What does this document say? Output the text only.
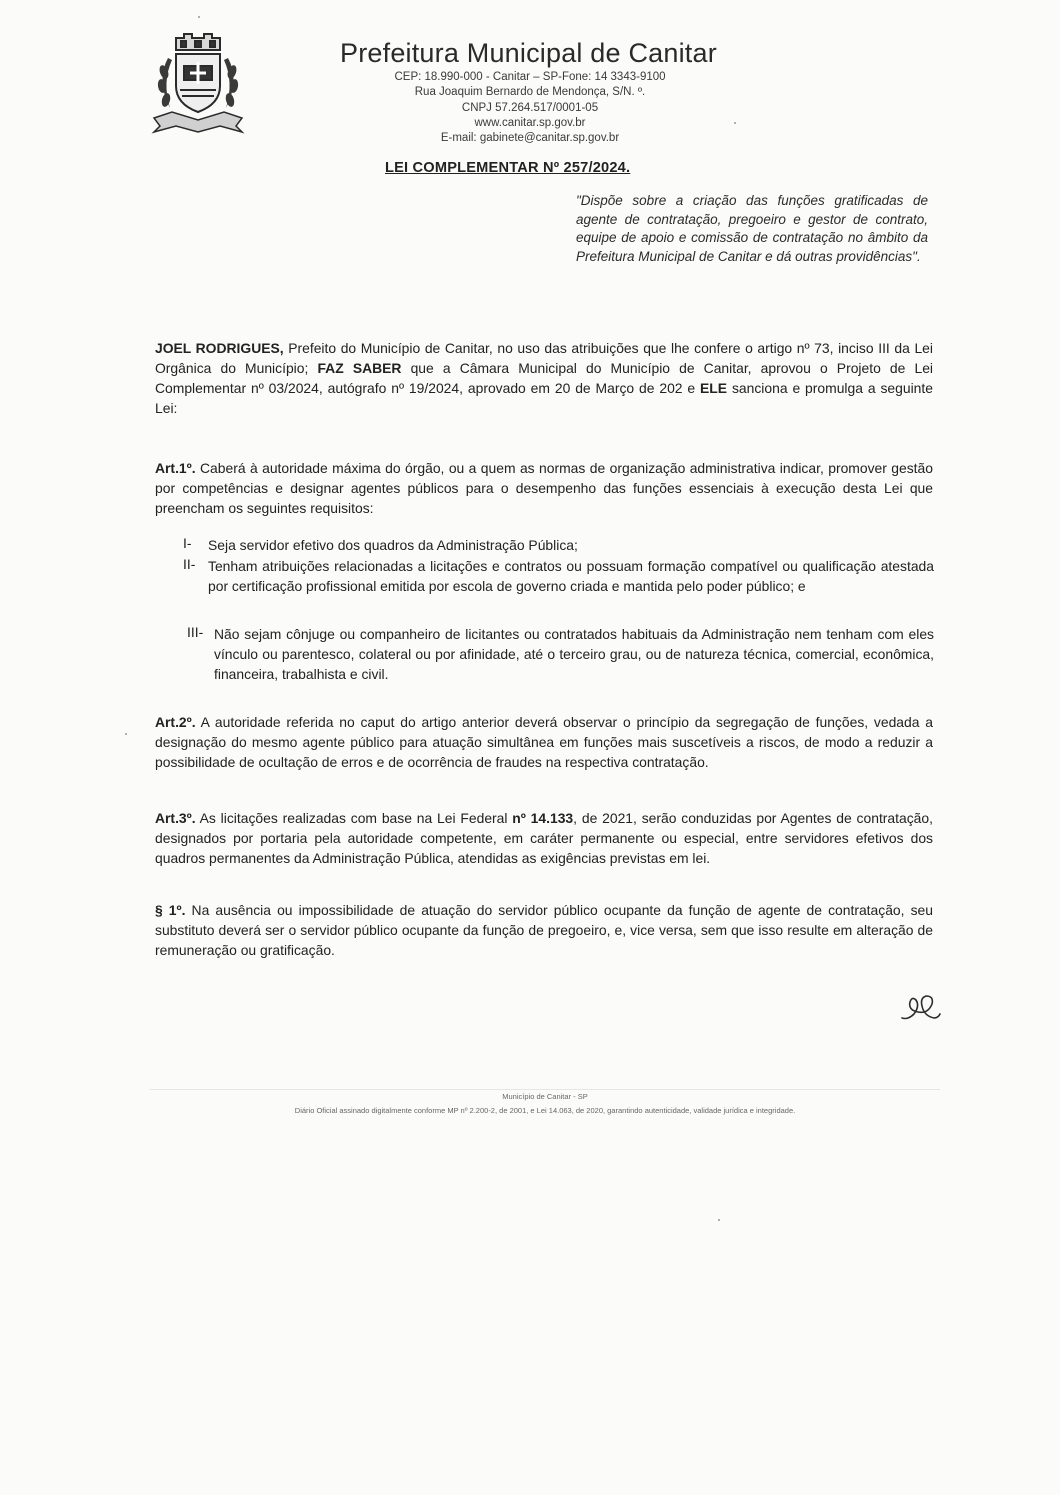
Prefeitura Municipal de Canitar
CEP: 18.990-000 - Canitar – SP-Fone: 14 3343-9100
Rua Joaquim Bernardo de Mendonça, S/N. º.
CNPJ 57.264.517/0001-05
www.canitar.sp.gov.br
E-mail: gabinete@canitar.sp.gov.br
LEI COMPLEMENTAR Nº 257/2024.
"Dispõe sobre a criação das funções gratificadas de agente de contratação, pregoeiro e gestor de contrato, equipe de apoio e comissão de contratação no âmbito da Prefeitura Municipal de Canitar e dá outras providências".
JOEL RODRIGUES, Prefeito do Município de Canitar, no uso das atribuições que lhe confere o artigo nº 73, inciso III da Lei Orgânica do Município; FAZ SABER que a Câmara Municipal do Município de Canitar, aprovou o Projeto de Lei Complementar nº 03/2024, autógrafo nº 19/2024, aprovado em 20 de Março de 202 e ELE sanciona e promulga a seguinte Lei:
Art.1º. Caberá à autoridade máxima do órgão, ou a quem as normas de organização administrativa indicar, promover gestão por competências e designar agentes públicos para o desempenho das funções essenciais à execução desta Lei que preencham os seguintes requisitos:
I- Seja servidor efetivo dos quadros da Administração Pública;
II- Tenham atribuições relacionadas a licitações e contratos ou possuam formação compatível ou qualificação atestada por certificação profissional emitida por escola de governo criada e mantida pelo poder público; e
III- Não sejam cônjuge ou companheiro de licitantes ou contratados habituais da Administração nem tenham com eles vínculo ou parentesco, colateral ou por afinidade, até o terceiro grau, ou de natureza técnica, comercial, econômica, financeira, trabalhista e civil.
Art.2º. A autoridade referida no caput do artigo anterior deverá observar o princípio da segregação de funções, vedada a designação do mesmo agente público para atuação simultânea em funções mais suscetíveis a riscos, de modo a reduzir a possibilidade de ocultação de erros e de ocorrência de fraudes na respectiva contratação.
Art.3º. As licitações realizadas com base na Lei Federal nº 14.133, de 2021, serão conduzidas por Agentes de contratação, designados por portaria pela autoridade competente, em caráter permanente ou especial, entre servidores efetivos dos quadros permanentes da Administração Pública, atendidas as exigências previstas em lei.
§ 1º. Na ausência ou impossibilidade de atuação do servidor público ocupante da função de agente de contratação, seu substituto deverá ser o servidor público ocupante da função de pregoeiro, e, vice versa, sem que isso resulte em alteração de remuneração ou gratificação.
Município de Canitar - SP
Diário Oficial assinado digitalmente conforme MP nº 2.200-2, de 2001, e Lei 14.063, de 2020, garantindo autenticidade, validade jurídica e integridade.
